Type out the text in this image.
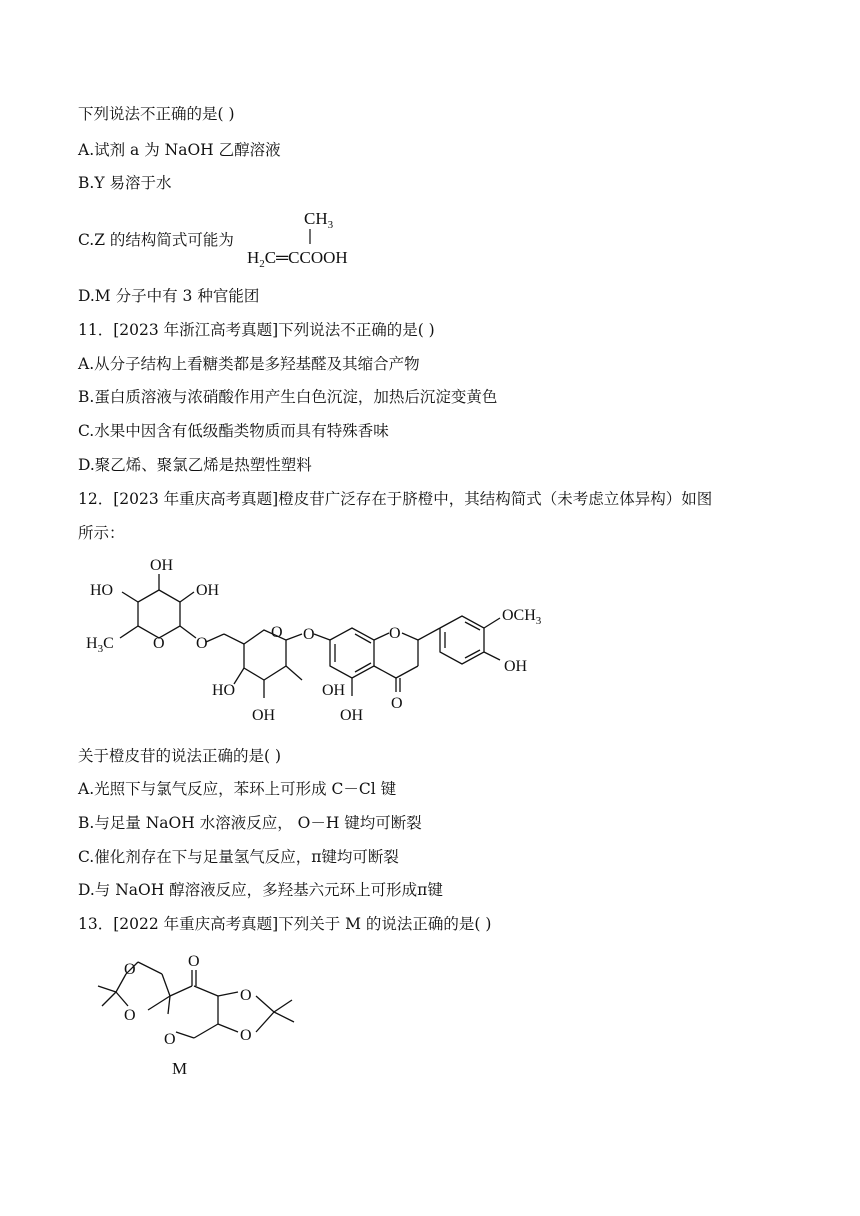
下列说法不正确的是( )
A.试剂 a 为 NaOH 乙醇溶液
B.Y 易溶于水
C.Z 的结构简式可能为
$CH_3$
$H_2C═CCOOH$
D.M 分子中有 3 种官能团
11．[2023 年浙江高考真题]下列说法不正确的是( )
A.从分子结构上看糖类都是多羟基醛及其缩合产物
B.蛋白质溶液与浓硝酸作用产生白色沉淀，加热后沉淀变黄色
C.水果中因含有低级酯类物质而具有特殊香味
D.聚乙烯、聚氯乙烯是热塑性塑料
12．[2023 年重庆高考真题]橙皮苷广泛存在于脐橙中，其结构简式（未考虑立体异构）如图
所示：
OH
HO	OH
$H_3C$ O O
O O	O
$OCH_3$
OH
HO	OH
OH	OH
O
关于橙皮苷的说法正确的是( )
A.光照下与氯气反应，苯环上可形成 C－Cl 键
B.与足量 NaOH 水溶液反应， O－H 键均可断裂
C.催化剂存在下与足量氢气反应，π键均可断裂
D.与 NaOH 醇溶液反应，多羟基六元环上可形成π键
13．[2022 年重庆高考真题]下列关于 M 的说法正确的是( )
O
O
O
O
O
O
M
